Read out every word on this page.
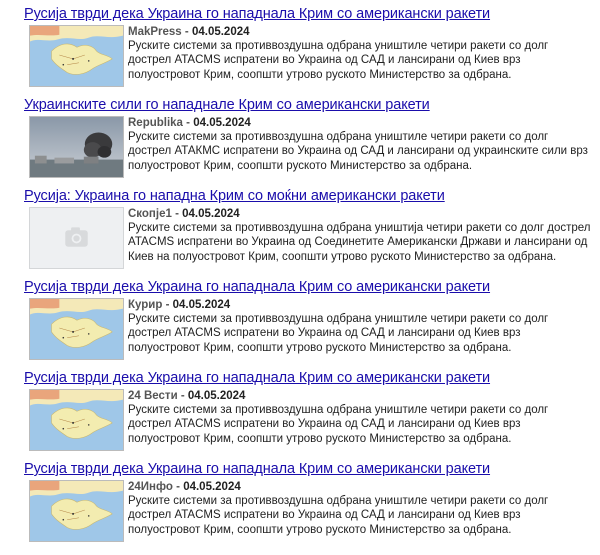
Русија тврди дека Украина го нападнала Крим со американски ракети
MakPress - 04.05.2024
Руските системи за противвоздушна одбрана уништиле четири ракети со долг дострел ATACMS испратени во Украина од САД и лансирани од Киев врз полуостровот Крим, соопшти утрово руското Министерство за одбрана.
Украинските сили го нападнале Крим со американски ракети
Republika - 04.05.2024
Руските системи за противвоздушна одбрана уништиле четири ракети со долг дострел АТАКМС испратени во Украина од САД и лансирани од украинските сили врз полуостровот Крим, соопшти руското Министерство за одбрана.
Русија: Украина го нападна Крим со моќни американски ракети
Скопје1 - 04.05.2024
Руските системи за противвоздушна одбрана уништија четири ракети со долг дострел ATACMS испратени во Украина од Соединетите Американски Држави и лансирани од Киев на полуостровот Крим, соопшти утрово руското Министерство за одбрана.
Русија тврди дека Украина го нападнала Крим со американски ракети
Курир - 04.05.2024
Руските системи за противвоздушна одбрана уништиле четири ракети со долг дострел ATACMS испратени во Украина од САД и лансирани од Киев врз полуостровот Крим, соопшти утрово руското Министерство за одбрана.
Русија тврди дека Украина го нападнала Крим со американски ракети
24 Вести - 04.05.2024
Руските системи за противвоздушна одбрана уништиле четири ракети со долг дострел ATACMS испратени во Украина од САД и лансирани од Киев врз полуостровот Крим, соопшти утрово руското Министерство за одбрана.
Русија тврди дека Украина го нападнала Крим со американски ракети
24Инфо - 04.05.2024
Руските системи за противвоздушна одбрана уништиле четири ракети со долг дострел ATACMS испратени во Украина од САД и лансирани од Киев врз полуостровот Крим, соопшти утрово руското Министерство за одбрана.
